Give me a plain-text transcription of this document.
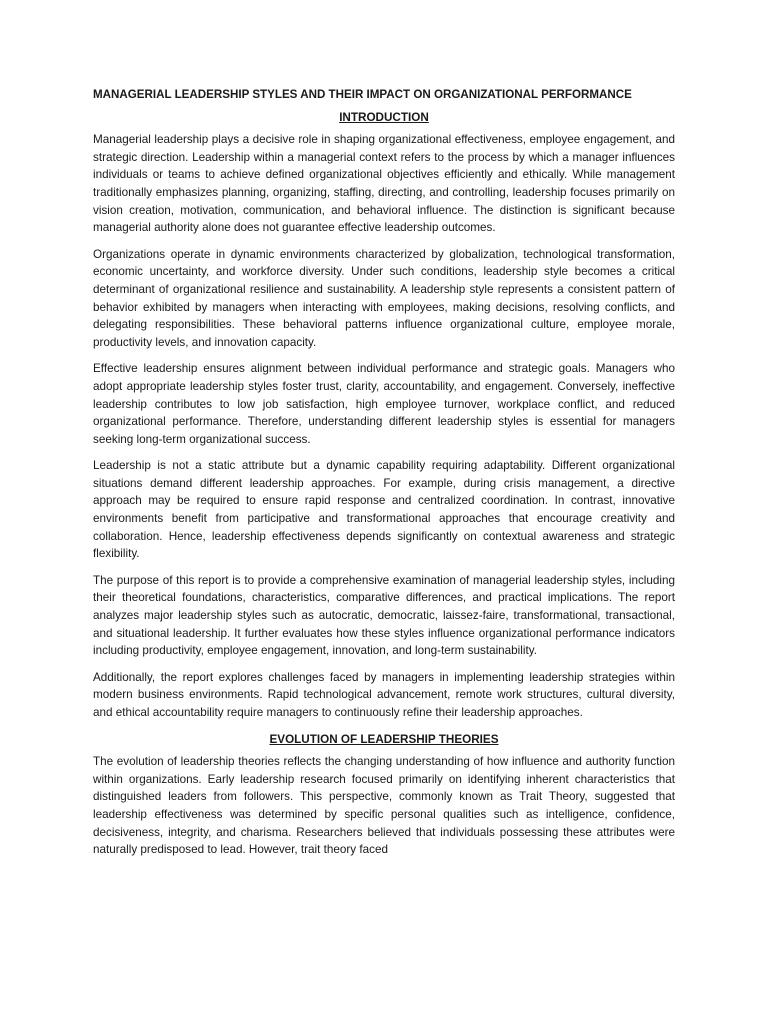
MANAGERIAL LEADERSHIP STYLES AND THEIR IMPACT ON ORGANIZATIONAL PERFORMANCE
INTRODUCTION

Managerial leadership plays a decisive role in shaping organizational effectiveness, employee engagement, and strategic direction. Leadership within a managerial context refers to the process by which a manager influences individuals or teams to achieve defined organizational objectives efficiently and ethically. While management traditionally emphasizes planning, organizing, staffing, directing, and controlling, leadership focuses primarily on vision creation, motivation, communication, and behavioral influence. The distinction is significant because managerial authority alone does not guarantee effective leadership outcomes.

Organizations operate in dynamic environments characterized by globalization, technological transformation, economic uncertainty, and workforce diversity. Under such conditions, leadership style becomes a critical determinant of organizational resilience and sustainability. A leadership style represents a consistent pattern of behavior exhibited by managers when interacting with employees, making decisions, resolving conflicts, and delegating responsibilities. These behavioral patterns influence organizational culture, employee morale, productivity levels, and innovation capacity.

Effective leadership ensures alignment between individual performance and strategic goals. Managers who adopt appropriate leadership styles foster trust, clarity, accountability, and engagement. Conversely, ineffective leadership contributes to low job satisfaction, high employee turnover, workplace conflict, and reduced organizational performance. Therefore, understanding different leadership styles is essential for managers seeking long-term organizational success.

Leadership is not a static attribute but a dynamic capability requiring adaptability. Different organizational situations demand different leadership approaches. For example, during crisis management, a directive approach may be required to ensure rapid response and centralized coordination. In contrast, innovative environments benefit from participative and transformational approaches that encourage creativity and collaboration. Hence, leadership effectiveness depends significantly on contextual awareness and strategic flexibility.

The purpose of this report is to provide a comprehensive examination of managerial leadership styles, including their theoretical foundations, characteristics, comparative differences, and practical implications. The report analyzes major leadership styles such as autocratic, democratic, laissez-faire, transformational, transactional, and situational leadership. It further evaluates how these styles influence organizational performance indicators including productivity, employee engagement, innovation, and long-term sustainability.

Additionally, the report explores challenges faced by managers in implementing leadership strategies within modern business environments. Rapid technological advancement, remote work structures, cultural diversity, and ethical accountability require managers to continuously refine their leadership approaches.

EVOLUTION OF LEADERSHIP THEORIES

The evolution of leadership theories reflects the changing understanding of how influence and authority function within organizations. Early leadership research focused primarily on identifying inherent characteristics that distinguished leaders from followers. This perspective, commonly known as Trait Theory, suggested that leadership effectiveness was determined by specific personal qualities such as intelligence, confidence, decisiveness, integrity, and charisma. Researchers believed that individuals possessing these attributes were naturally predisposed to lead. However, trait theory faced
